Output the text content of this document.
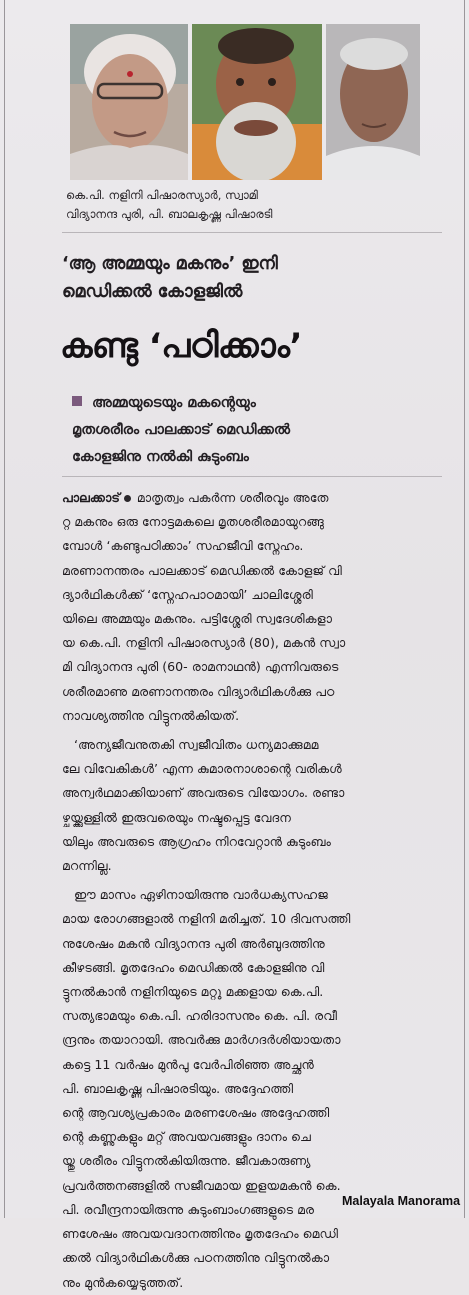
കെ.പി. നളിനി പിഷാരസ്യാർ, സ്വാമി
വിദ്യാനന്ദ പുരി, പി. ബാലകൃഷ്ണ പിഷാരടി
‘ആ അമ്മയും മകനും’ ഇനി
മെഡിക്കൽ കോളജിൽ
കണ്ടു ‘പഠിക്കാം’
അമ്മയുടെയും മകന്റെയും
മൃതശരീരം പാലക്കാട് മെഡിക്കൽ
കോളജിനു നൽകി കുടുംബം
പാലക്കാട് മാതൃത്വം പകർന്ന ശരീരവും അതേ
റ്റ മകനും ഒരു നോട്ടമകലെ മൃതശരീരമായുറങ്ങു
മ്പോൾ ‘കണ്ടുപഠിക്കാം’ സഹജീവി സ്നേഹം.
മരണാനന്തരം പാലക്കാട് മെഡിക്കൽ കോളജ് വി
ദ്യാർഥികൾക്ക് ‘സ്നേഹപാഠമായി’ ചാലിശ്ശേരി
യിലെ അമ്മയും മകനും. പട്ടിശ്ശേരി സ്വദേശികളാ
യ കെ.പി. നളിനി പിഷാരസ്യാർ (80), മകൻ സ്വാ
മി വിദ്യാനന്ദ പുരി (60- രാമനാഥൻ) എന്നിവരുടെ
ശരീരമാണു മരണാനന്തരം വിദ്യാർഥികൾക്കു പഠ
നാവശ്യത്തിനു വിട്ടുനൽകിയത്.
‘അന്യജീവനുതകി സ്വജീവിതം ധന്യമാക്കുമമ
ലേ വിവേകികൾ’ എന്ന കുമാരനാശാന്റെ വരികൾ
അന്വർഥമാക്കിയാണ് അവരുടെ വിയോഗം. രണ്ടാ
ഴ്ചയ്ക്കുള്ളിൽ ഇരുവരെയും നഷ്ടപ്പെട്ട വേദന
യിലും അവരുടെ ആഗ്രഹം നിറവേറ്റാൻ കുടുംബം
മറന്നില്ല.
ഈ മാസം ഏഴിനായിരുന്നു വാർധക്യസഹജ
മായ രോഗങ്ങളാൽ നളിനി മരിച്ചത്. 10 ദിവസത്തി
നുശേഷം മകൻ വിദ്യാനന്ദ പുരി അർബുദത്തിനു
കീഴടങ്ങി. മൃതദേഹം മെഡിക്കൽ കോളജിനു വി
ട്ടുനൽകാൻ നളിനിയുടെ മറ്റു മക്കളായ കെ.പി.
സത്യഭാമയും കെ.പി. ഹരിദാസനും കെ. പി. രവീ
ന്ദ്രനും തയാറായി. അവർക്കു മാർഗദർശിയായതാ
കട്ടെ 11 വർഷം മുൻപു വേർപിരിഞ്ഞ അച്ഛൻ
പി. ബാലകൃഷ്ണ പിഷാരടിയും. അദ്ദേഹത്തി
ന്റെ ആവശ്യപ്രകാരം മരണശേഷം അദ്ദേഹത്തി
ന്റെ കണ്ണുകളും മറ്റ് അവയവങ്ങളും ദാനം ചെ
യ്തു ശരീരം വിട്ടുനൽകിയിരുന്നു. ജീവകാരുണ്യ
പ്രവർത്തനങ്ങളിൽ സജീവമായ ഇളയമകൻ കെ.
പി. രവീന്ദ്രനായിരുന്നു കുടുംബാംഗങ്ങളുടെ മര
ണശേഷം അവയവദാനത്തിനും മൃതദേഹം മെഡി
ക്കൽ വിദ്യാർഥികൾക്കു പഠനത്തിനു വിട്ടുനൽകാ
നും മുൻകയ്യെടുത്തത്.
Malayala Manorama
